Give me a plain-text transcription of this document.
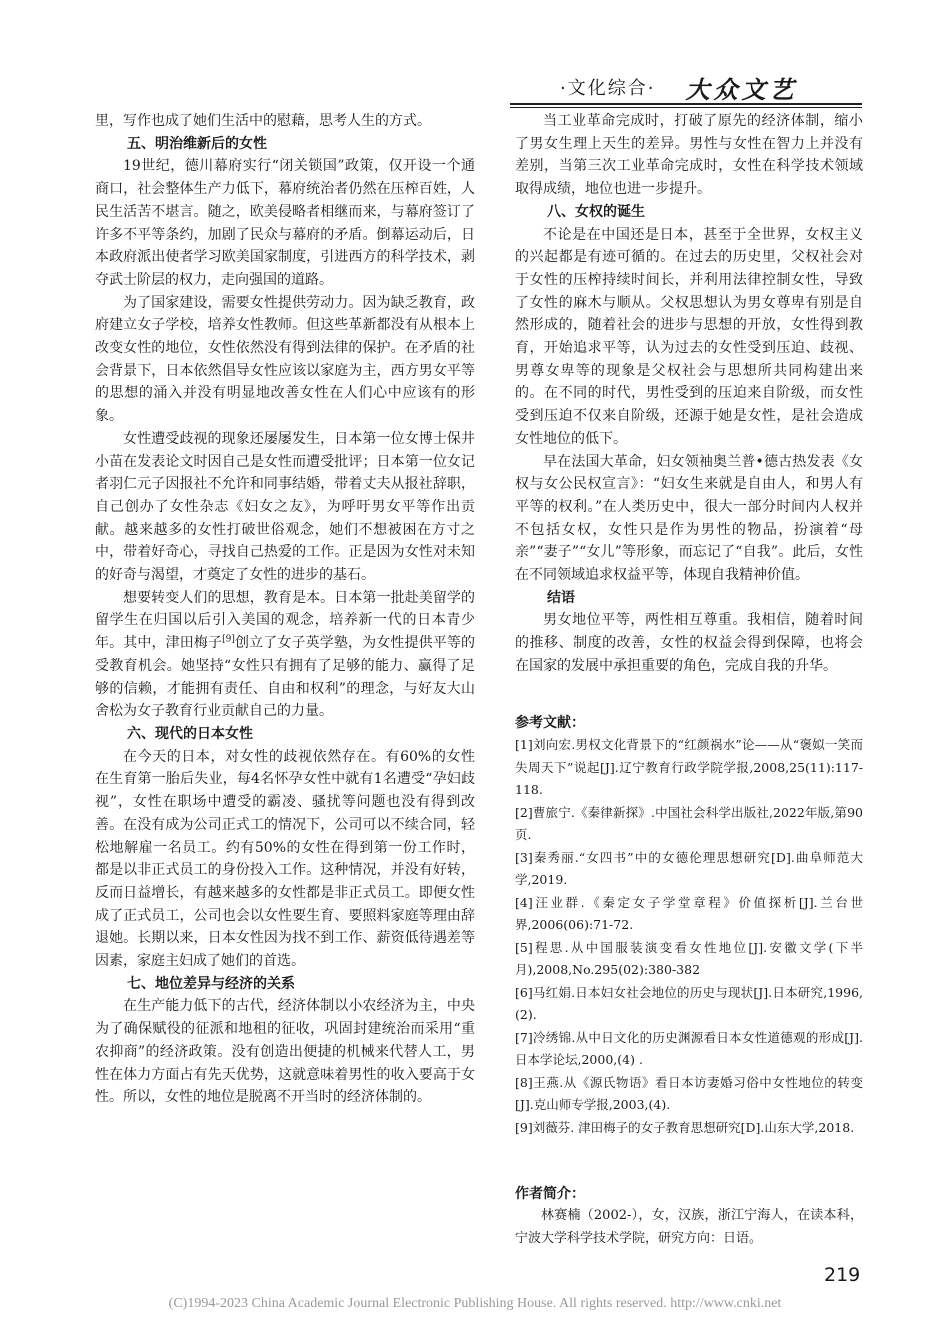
·文化综合· 大众文艺

里，写作也成了她们生活中的慰藉，思考人生的方式。

五、明治维新后的女性

19世纪，德川幕府实行“闭关锁国”政策，仅开设一个通商口，社会整体生产力低下，幕府统治者仍然在压榨百姓，人民生活苦不堪言。随之，欧美侵略者相继而来，与幕府签订了许多不平等条约，加剧了民众与幕府的矛盾。倒幕运动后，日本政府派出使者学习欧美国家制度，引进西方的科学技术，剥夺武士阶层的权力，走向强国的道路。

为了国家建设，需要女性提供劳动力。因为缺乏教育，政府建立女子学校，培养女性教师。但这些革新都没有从根本上改变女性的地位，女性依然没有得到法律的保护。在矛盾的社会背景下，日本依然倡导女性应该以家庭为主，西方男女平等的思想的涌入并没有明显地改善女性在人们心中应该有的形象。

女性遭受歧视的现象还屡屡发生，日本第一位女博士保井小苗在发表论文时因自己是女性而遭受批评；日本第一位女记者羽仁元子因报社不允许和同事结婚，带着丈夫从报社辞职，自己创办了女性杂志《妇女之友》，为呼吁男女平等作出贡献。越来越多的女性打破世俗观念，她们不想被困在方寸之中，带着好奇心，寻找自己热爱的工作。正是因为女性对未知的好奇与渴望，才奠定了女性的进步的基石。

想要转变人们的思想，教育是本。日本第一批赴美留学的留学生在归国以后引入美国的观念，培养新一代的日本青少年。其中，津田梅子[9]创立了女子英学塾，为女性提供平等的受教育机会。她坚持“女性只有拥有了足够的能力、赢得了足够的信赖，才能拥有责任、自由和权利”的理念，与好友大山舍松为女子教育行业贡献自己的力量。

六、现代的日本女性

在今天的日本，对女性的歧视依然存在。有60%的女性在生育第一胎后失业，每4名怀孕女性中就有1名遭受“孕妇歧视”，女性在职场中遭受的霸凌、骚扰等问题也没有得到改善。在没有成为公司正式工的情况下，公司可以不续合同，轻松地解雇一名员工。约有50%的女性在得到第一份工作时，都是以非正式员工的身份投入工作。这种情况，并没有好转，反而日益增长，有越来越多的女性都是非正式员工。即便女性成了正式员工，公司也会以女性要生育、要照料家庭等理由辞退她。长期以来，日本女性因为找不到工作、薪资低待遇差等因素，家庭主妇成了她们的首选。

七、地位差异与经济的关系

在生产能力低下的古代，经济体制以小农经济为主，中央为了确保赋役的征派和地租的征收，巩固封建统治而采用“重农抑商”的经济政策。没有创造出便捷的机械来代替人工，男性在体力方面占有先天优势，这就意味着男性的收入要高于女性。所以，女性的地位是脱离不开当时的经济体制的。

当工业革命完成时，打破了原先的经济体制，缩小了男女生理上天生的差异。男性与女性在智力上并没有差别，当第三次工业革命完成时，女性在科学技术领域取得成绩，地位也进一步提升。

八、女权的诞生

不论是在中国还是日本，甚至于全世界，女权主义的兴起都是有迹可循的。在过去的历史里，父权社会对于女性的压榨持续时间长，并利用法律控制女性，导致了女性的麻木与顺从。父权思想认为男女尊卑有别是自然形成的，随着社会的进步与思想的开放，女性得到教育，开始追求平等，认为过去的女性受到压迫、歧视、男尊女卑等的现象是父权社会与思想所共同构建出来的。在不同的时代，男性受到的压迫来自阶级，而女性受到压迫不仅来自阶级，还源于她是女性，是社会造成女性地位的低下。

早在法国大革命，妇女领袖奥兰普•德古热发表《女权与女公民权宣言》：“妇女生来就是自由人，和男人有平等的权利。”在人类历史中，很大一部分时间内人权并不包括女权，女性只是作为男性的物品，扮演着“母亲”“妻子”“女儿”等形象，而忘记了“自我”。此后，女性在不同领域追求权益平等，体现自我精神价值。

结语

男女地位平等，两性相互尊重。我相信，随着时间的推移、制度的改善，女性的权益会得到保障，也将会在国家的发展中承担重要的角色，完成自我的升华。

参考文献：

[1]刘向宏.男权文化背景下的“红颜祸水”论——从“褒姒一笑而失周天下”说起[J].辽宁教育行政学院学报,2008,25(11):117-118.
[2]曹旅宁.《秦律新探》.中国社会科学出版社,2022年版,第90页.
[3]秦秀丽.“女四书”中的女德伦理思想研究[D].曲阜师范大学,2019.
[4]汪业群.《秦定女子学堂章程》价值探析[J].兰台世界,2006(06):71-72.
[5]程思.从中国服装演变看女性地位[J].安徽文学(下半月),2008,No.295(02):380-382
[6]马红娟.日本妇女社会地位的历史与现状[J].日本研究,1996,(2).
[7]冷绣锦.从中日文化的历史渊源看日本女性道德观的形成[J].日本学论坛,2000,(4) .
[8]王燕.从《源氏物语》看日本访妻婚习俗中女性地位的转变[J].克山师专学报,2003,(4).
[9]刘薇芬. 津田梅子的女子教育思想研究[D].山东大学,2018.

作者简介：

林赛楠（2002-），女，汉族，浙江宁海人，在读本科，宁波大学科学技术学院，研究方向：日语。

219
(C)1994-2023 China Academic Journal Electronic Publishing House. All rights reserved. http://www.cnki.net
